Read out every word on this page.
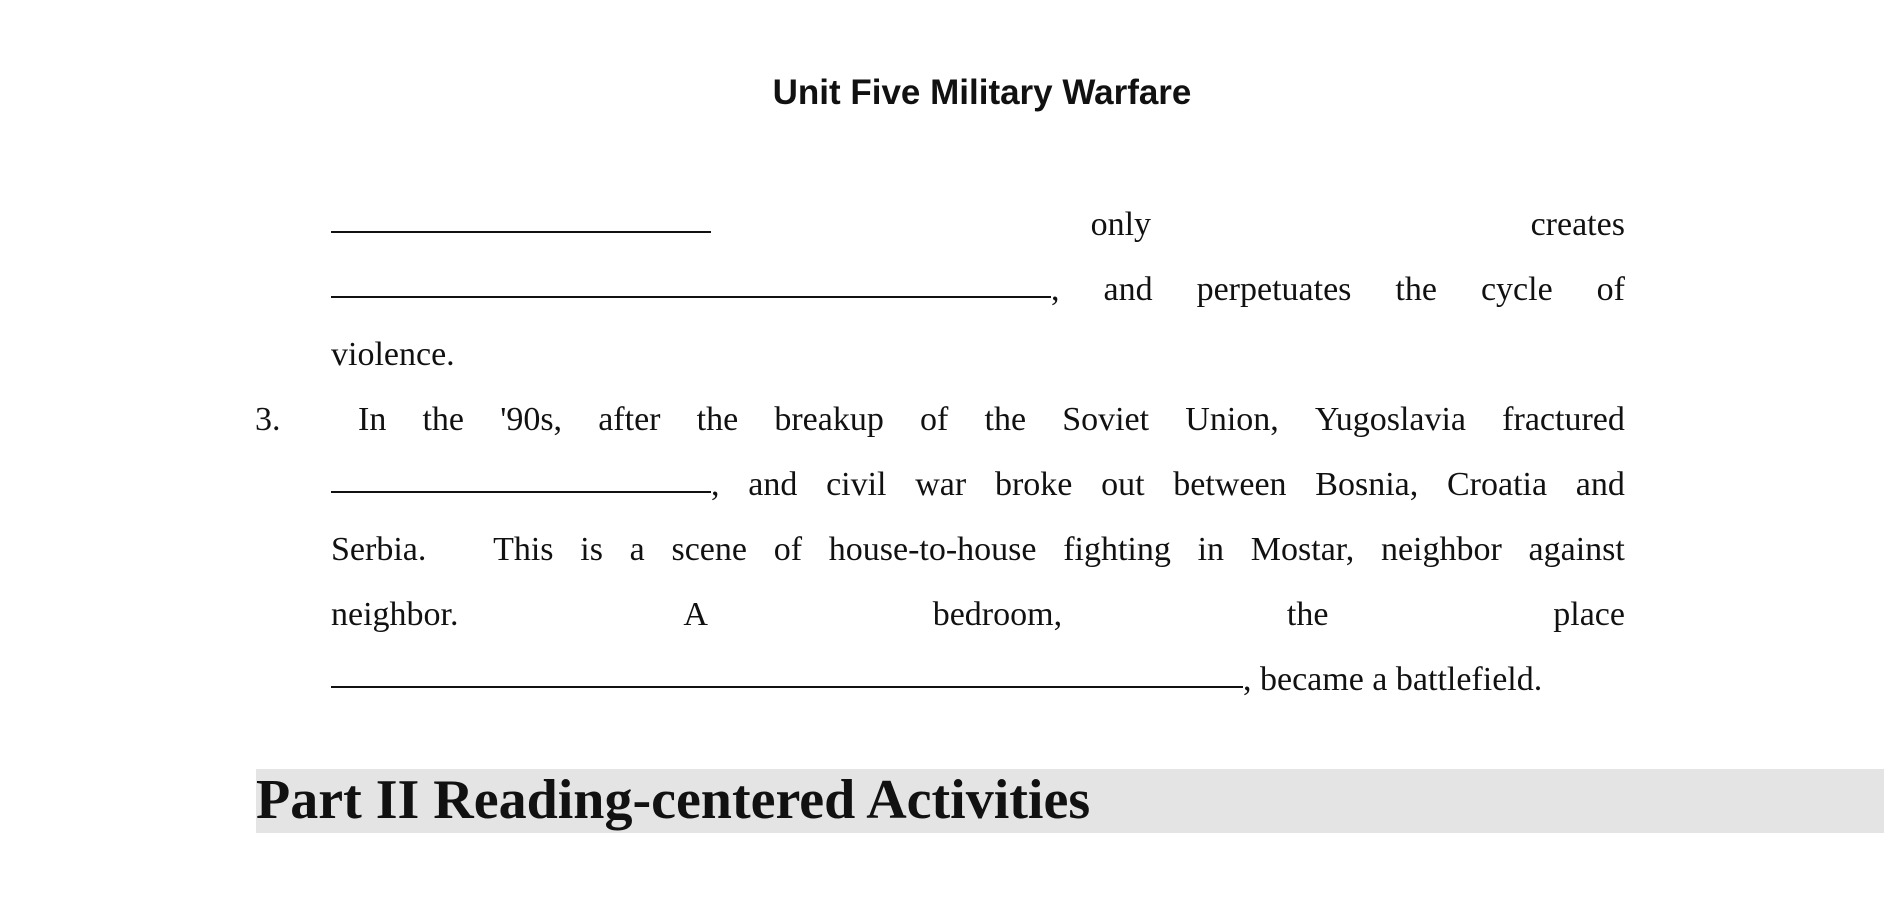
Unit Five Military Warfare
only	creates
, and perpetuates the cycle of
violence.
3. In the '90s, after the breakup of the Soviet Union, Yugoslavia fractured
, and civil war broke out between Bosnia, Croatia and
Serbia. This is a scene of house-to-house fighting in Mostar, neighbor against
neighbor.	A	bedroom,	the	place
, became a battlefield.
Part II Reading-centered Activities
